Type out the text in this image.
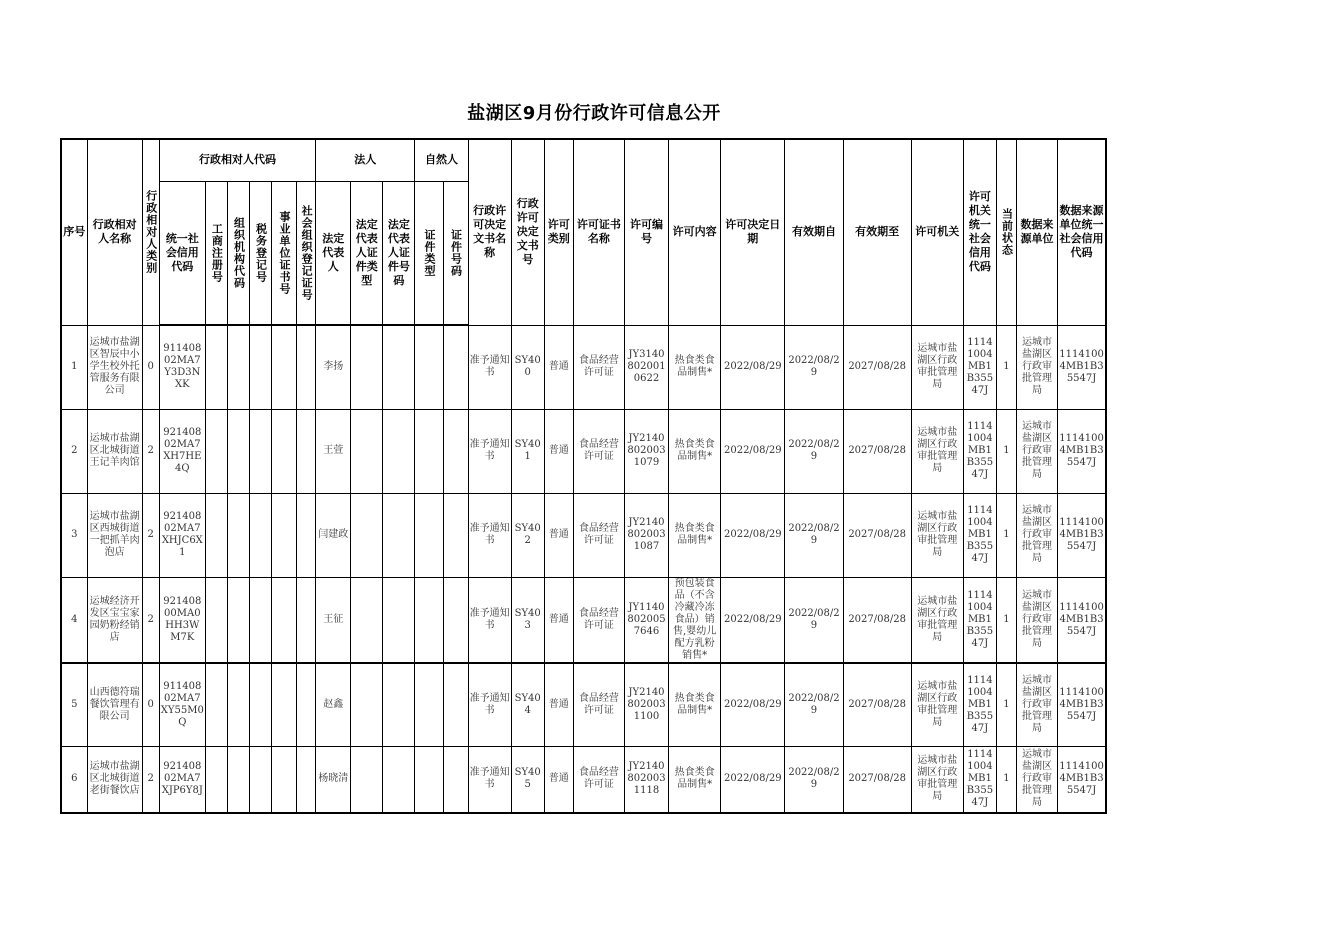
盐湖区9月份行政许可信息公开
序号	行政相对人名称	行政相对人类别	行政相对人代码						法人			自然人		行政许可决定文书名称	行政许可决定文书号	许可类别	许可证书名称	许可编号	许可内容	许可决定日期	有效期自	有效期至	许可机关	许可机关统一社会信用代码	当前状态	数据来源单位	数据来源单位统一社会信用代码
			统一社会信用代码	工商注册号	组织机构代码	税务登记号	事业单位证书号	社会组织登记证号	法定代表人	法定代表人证件类型	法定代表人证件号码	证件类型	证件号码														

1	运城市盐湖区智辰中小学生校外托管服务有限公司	0	91140802MA7Y3D3NXK						李扬					准予通知书	SY400	普通	食品经营许可证	JY31408020010622	热食类食品制售*	2022/08/29	2022/08/29	2027/08/28	运城市盐湖区行政审批管理局	11141004MB1B35547J	1	运城市盐湖区行政审批管理局	11141004MB1B35547J
2	运城市盐湖区北城街道王记羊肉馆	2	92140802MA7XH7HE4Q						王萱					准予通知书	SY401	普通	食品经营许可证	JY21408020031079	热食类食品制售*	2022/08/29	2022/08/29	2027/08/28	运城市盐湖区行政审批管理局	11141004MB1B35547J	1	运城市盐湖区行政审批管理局	11141004MB1B35547J
3	运城市盐湖区西城街道一把抓羊肉泡店	2	92140802MA7XHJC6X1						闫建政					准予通知书	SY402	普通	食品经营许可证	JY21408020031087	热食类食品制售*	2022/08/29	2022/08/29	2027/08/28	运城市盐湖区行政审批管理局	11141004MB1B35547J	1	运城市盐湖区行政审批管理局	11141004MB1B35547J
4	运城经济开发区宝宝家园奶粉经销店	2	92140800MA0HH3WM7K						王征					准予通知书	SY403	普通	食品经营许可证	JY11408020057646	预包装食品（不含冷藏冷冻食品）销售,婴幼儿配方乳粉销售*	2022/08/29	2022/08/29	2027/08/28	运城市盐湖区行政审批管理局	11141004MB1B35547J	1	运城市盐湖区行政审批管理局	11141004MB1B35547J
5	山西德符瑞餐饮管理有限公司	0	91140802MA7XY55M0Q						赵鑫					准予通知书	SY404	普通	食品经营许可证	JY21408020031100	热食类食品制售*	2022/08/29	2022/08/29	2027/08/28	运城市盐湖区行政审批管理局	11141004MB1B35547J	1	运城市盐湖区行政审批管理局	11141004MB1B35547J
6	运城市盐湖区北城街道老街餐饮店	2	92140802MA7XJP6Y8J						杨晓清					准予通知书	SY405	普通	食品经营许可证	JY21408020031118	热食类食品制售*	2022/08/29	2022/08/29	2027/08/28	运城市盐湖区行政审批管理局	11141004MB1B35547J	1	运城市盐湖区行政审批管理局	11141004MB1B35547J
